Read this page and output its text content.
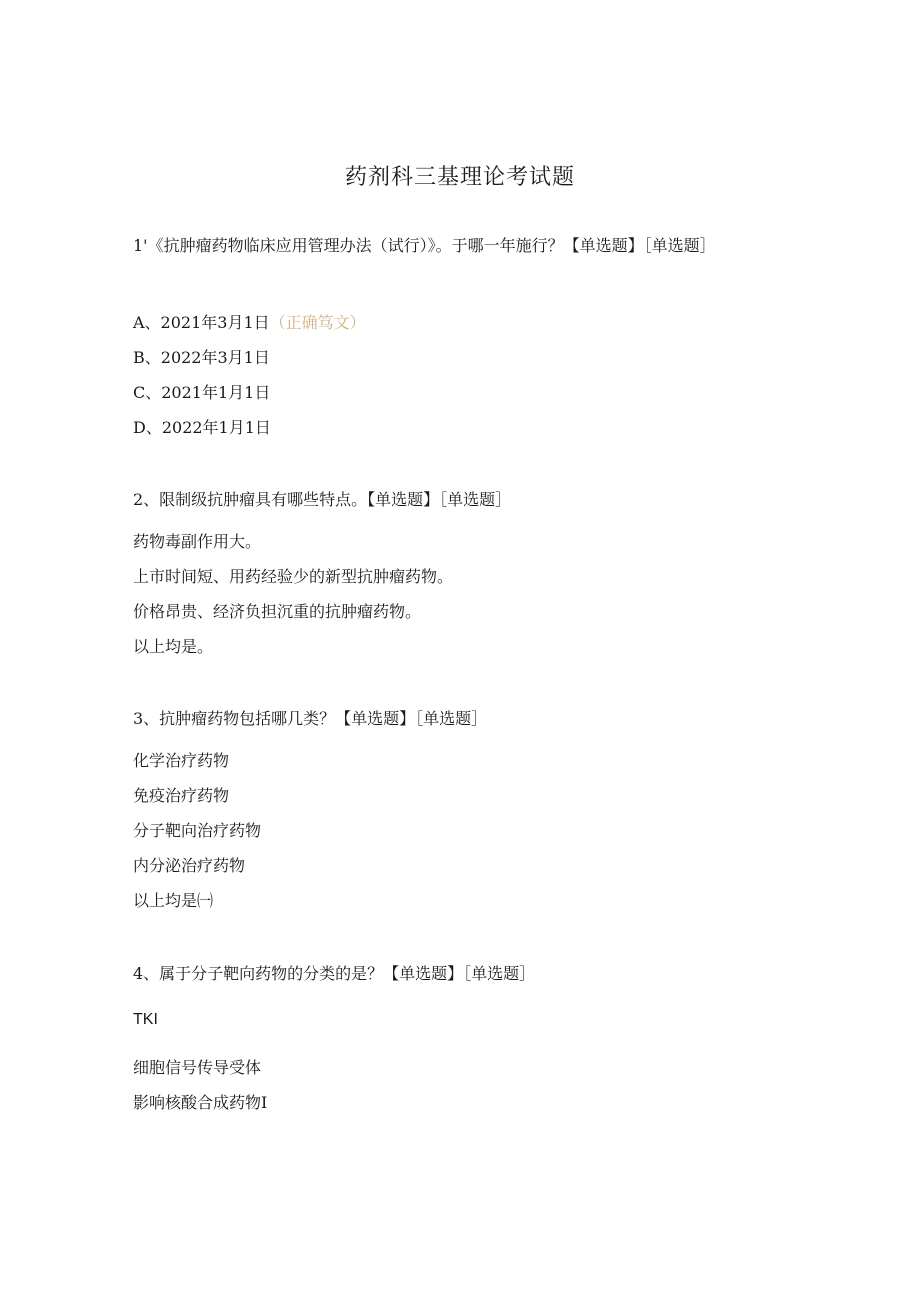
药剂科三基理论考试题
1'《抗肿瘤药物临床应用管理办法（试行）》。于哪一年施行？【单选题】［单选题］
A、2021年3月1日（正确笃文）
B、2022年3月1日
C、2021年1月1日
D、2022年1月1日
2、限制级抗肿瘤具有哪些特点。【单选题】［单选题］
药物毒副作用大。
上市时间短、用药经验少的新型抗肿瘤药物。
价格昂贵、经济负担沉重的抗肿瘤药物。
以上均是。
3、抗肿瘤药物包括哪几类？【单选题】［单选题］
化学治疗药物
免疫治疗药物
分子靶向治疗药物
内分泌治疗药物
以上均是㈠
4、属于分子靶向药物的分类的是？【单选题】［单选题］
TKI
细胞信号传导受体
影响核酸合成药物I
